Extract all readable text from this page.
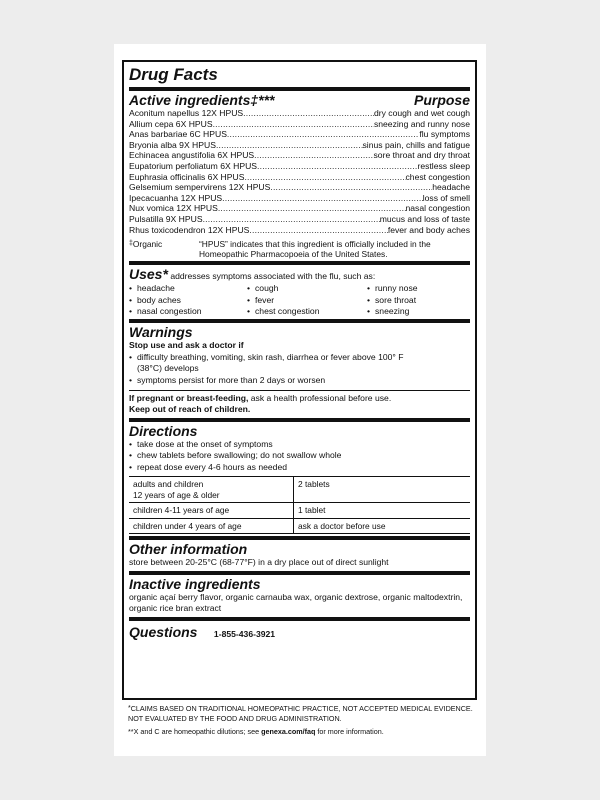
Drug Facts
Active ingredients‡***	Purpose
Aconitum napellus 12X HPUS .....	dry cough and wet cough
Allium cepa 6X HPUS .....	sneezing and runny nose
Anas barbariae 6C HPUS .....	flu symptoms
Bryonia alba 9X HPUS .....	sinus pain, chills and fatigue
Echinacea angustifolia 6X HPUS .....	sore throat and dry throat
Eupatorium perfoliatum 6X HPUS .....	restless sleep
Euphrasia officinalis 6X HPUS .....	chest congestion
Gelsemium sempervirens 12X HPUS .....	headache
Ipecacuanha 12X HPUS .....	loss of smell
Nux vomica 12X HPUS .....	nasal congestion
Pulsatilla 9X HPUS .....	mucus and loss of taste
Rhus toxicodendron 12X HPUS .....	fever and body aches
‡Organic	“HPUS” indicates that this ingredient is officially included in the Homeopathic Pharmacopoeia of the United States.
Uses* addresses symptoms associated with the flu, such as:
• headache	• cough	• runny nose
• body aches	• fever	• sore throat
• nasal congestion	• chest congestion	• sneezing
Warnings
Stop use and ask a doctor if
• difficulty breathing, vomiting, skin rash, diarrhea or fever above 100° F (38°C) develops
• symptoms persist for more than 2 days or worsen
If pregnant or breast-feeding, ask a health professional before use.
Keep out of reach of children.
Directions
• take dose at the onset of symptoms
• chew tablets before swallowing; do not swallow whole
• repeat dose every 4-6 hours as needed
adults and children
12 years of age & older	2 tablets
children 4-11 years of age	1 tablet
children under 4 years of age	ask a doctor before use
Other information
store between 20-25°C (68-77°F) in a dry place out of direct sunlight
Inactive ingredients
organic açaí berry flavor, organic carnauba wax, organic dextrose, organic maltodextrin, organic rice bran extract
Questions 1-855-436-3921

*CLAIMS BASED ON TRADITIONAL HOMEOPATHIC PRACTICE, NOT ACCEPTED MEDICAL EVIDENCE. NOT EVALUATED BY THE FOOD AND DRUG ADMINISTRATION.

**X and C are homeopathic dilutions; see genexa.com/faq for more information.
